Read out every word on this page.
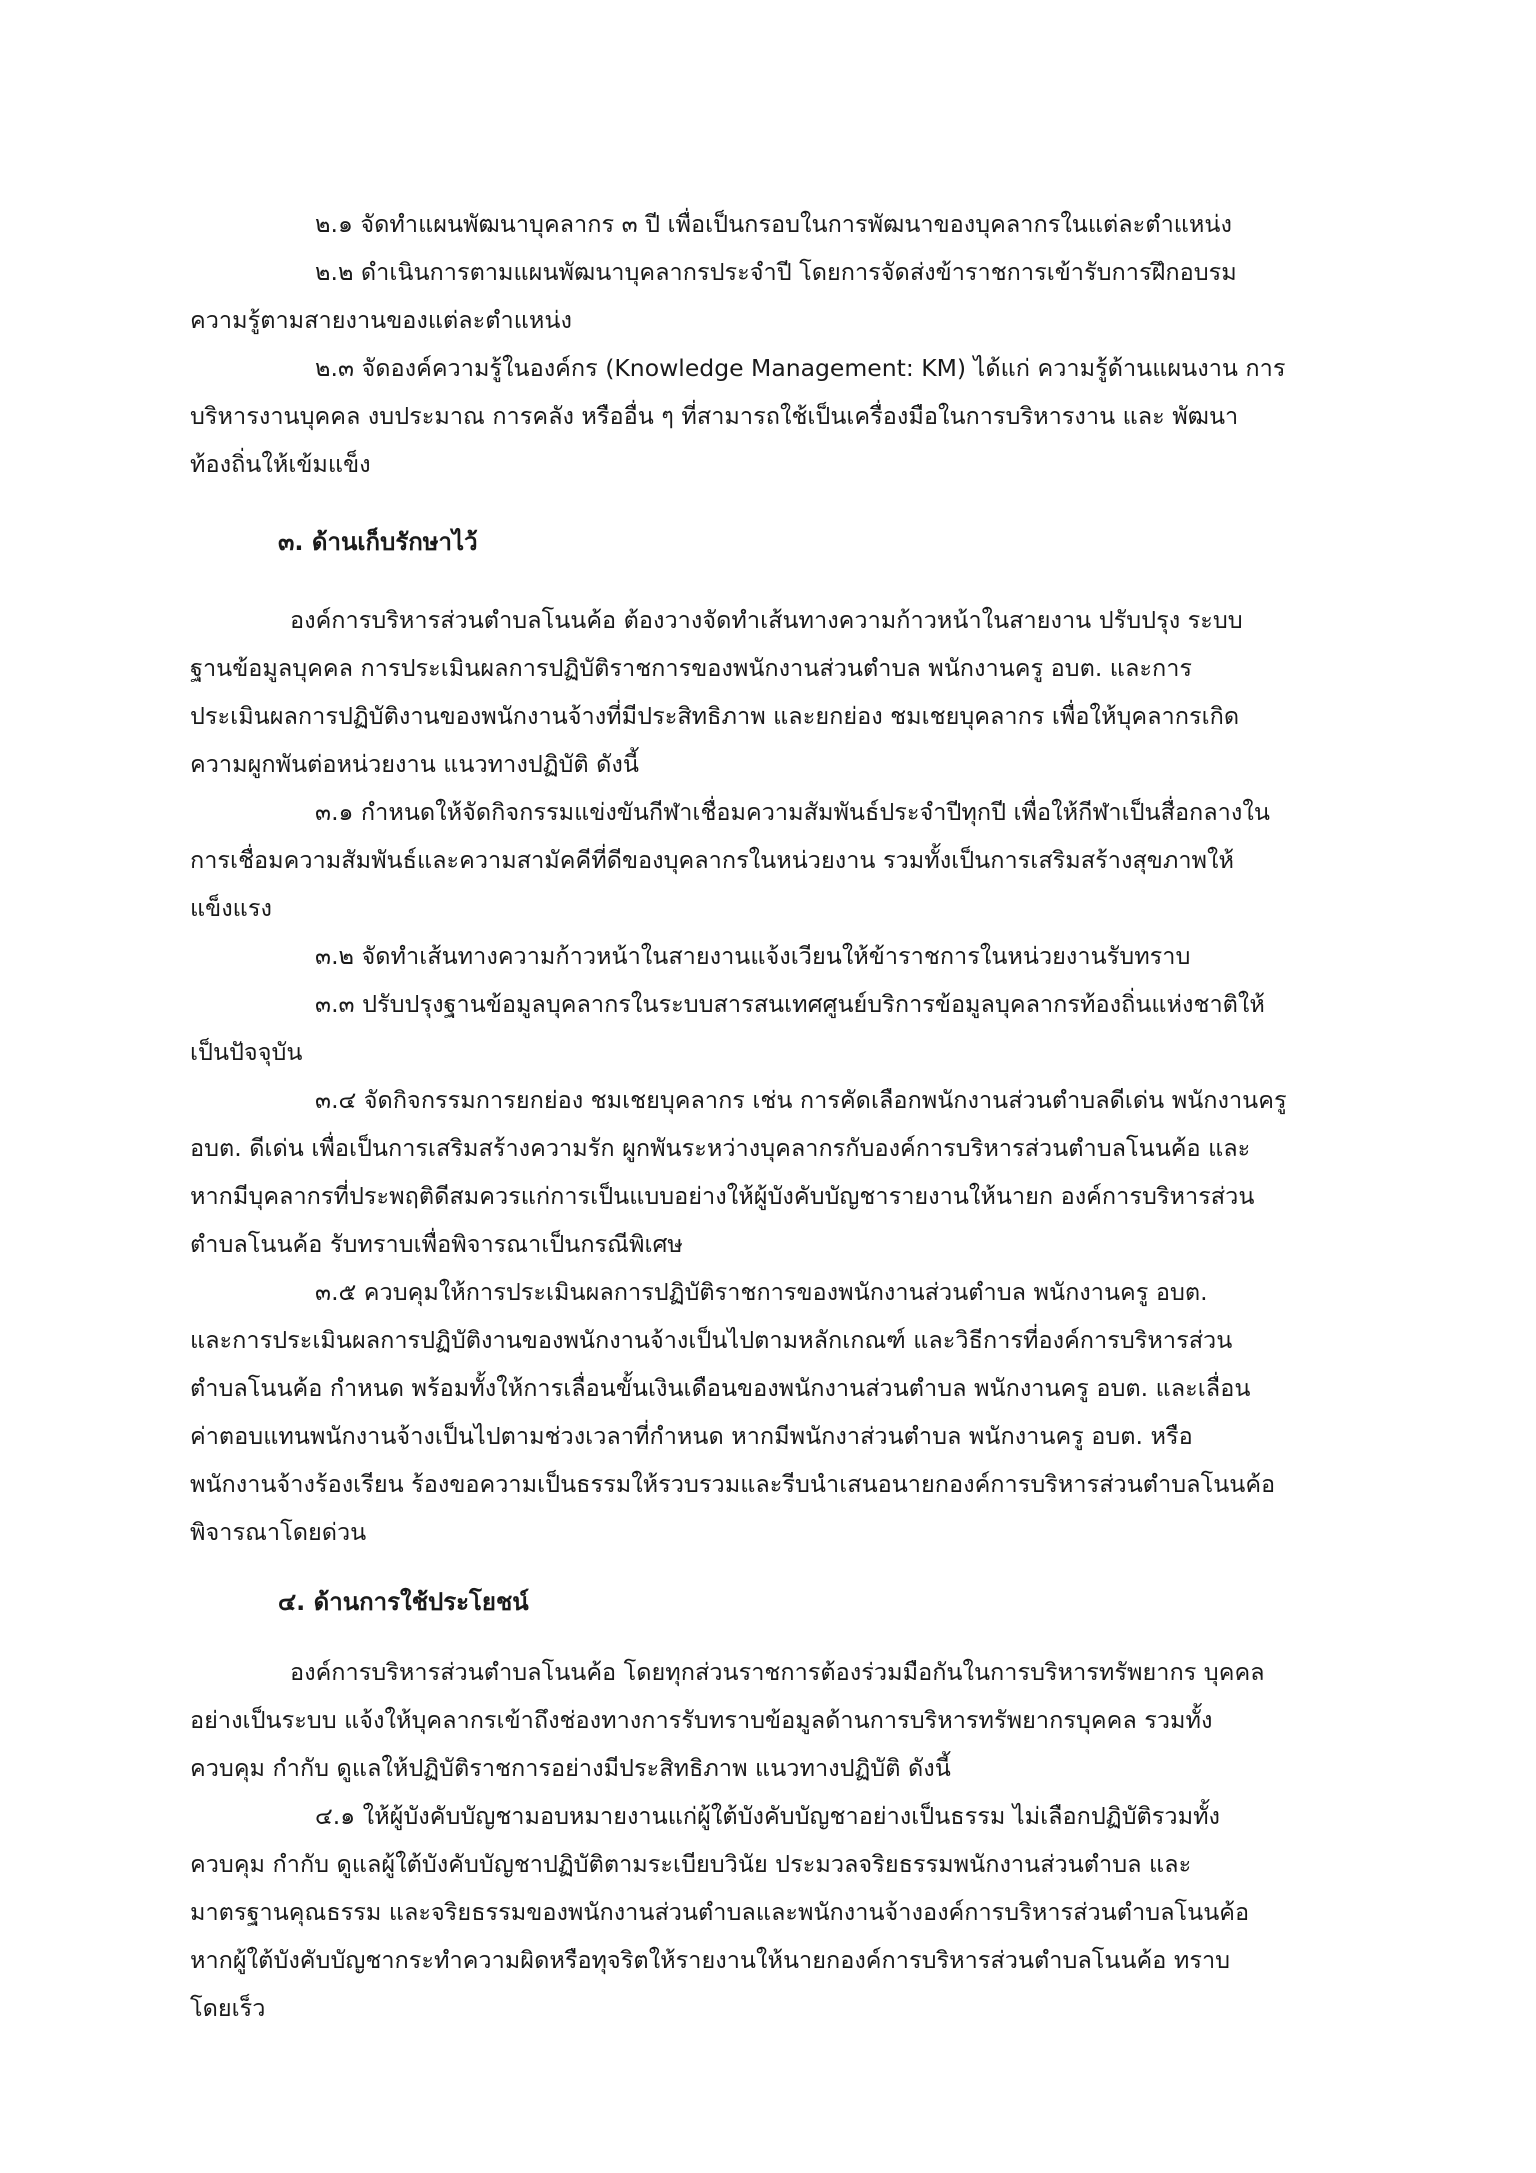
๒.๑ จัดทำแผนพัฒนาบุคลากร ๓ ปี เพื่อเป็นกรอบในการพัฒนาของบุคลากรในแต่ละตำแหน่ง
๒.๒ ดำเนินการตามแผนพัฒนาบุคลากรประจำปี โดยการจัดส่งข้าราชการเข้ารับการฝึกอบรม
ความรู้ตามสายงานของแต่ละตำแหน่ง
๒.๓ จัดองค์ความรู้ในองค์กร (Knowledge Management: KM) ได้แก่ ความรู้ด้านแผนงาน การ
บริหารงานบุคคล งบประมาณ การคลัง หรืออื่น ๆ ที่สามารถใช้เป็นเครื่องมือในการบริหารงาน และ พัฒนา
ท้องถิ่นให้เข้มแข็ง
๓. ด้านเก็บรักษาไว้
องค์การบริหารส่วนตำบลโนนค้อ ต้องวางจัดทำเส้นทางความก้าวหน้าในสายงาน ปรับปรุง ระบบ
ฐานข้อมูลบุคคล การประเมินผลการปฏิบัติราชการของพนักงานส่วนตำบล พนักงานครู อบต. และการ
ประเมินผลการปฏิบัติงานของพนักงานจ้างที่มีประสิทธิภาพ และยกย่อง ชมเชยบุคลากร เพื่อให้บุคลากรเกิด
ความผูกพันต่อหน่วยงาน แนวทางปฏิบัติ ดังนี้
๓.๑ กำหนดให้จัดกิจกรรมแข่งขันกีฬาเชื่อมความสัมพันธ์ประจำปีทุกปี เพื่อให้กีฬาเป็นสื่อกลางใน
การเชื่อมความสัมพันธ์และความสามัคคีที่ดีของบุคลากรในหน่วยงาน รวมทั้งเป็นการเสริมสร้างสุขภาพให้
แข็งแรง
๓.๒ จัดทำเส้นทางความก้าวหน้าในสายงานแจ้งเวียนให้ข้าราชการในหน่วยงานรับทราบ
๓.๓ ปรับปรุงฐานข้อมูลบุคลากรในระบบสารสนเทศศูนย์บริการข้อมูลบุคลากรท้องถิ่นแห่งชาติให้
เป็นปัจจุบัน
๓.๔ จัดกิจกรรมการยกย่อง ชมเชยบุคลากร เช่น การคัดเลือกพนักงานส่วนตำบลดีเด่น พนักงานครู
อบต. ดีเด่น เพื่อเป็นการเสริมสร้างความรัก ผูกพันระหว่างบุคลากรกับองค์การบริหารส่วนตำบลโนนค้อ และ
หากมีบุคลากรที่ประพฤติดีสมควรแก่การเป็นแบบอย่างให้ผู้บังคับบัญชารายงานให้นายก องค์การบริหารส่วน
ตำบลโนนค้อ รับทราบเพื่อพิจารณาเป็นกรณีพิเศษ
๓.๕ ควบคุมให้การประเมินผลการปฏิบัติราชการของพนักงานส่วนตำบล พนักงานครู อบต.
และการประเมินผลการปฏิบัติงานของพนักงานจ้างเป็นไปตามหลักเกณฑ์ และวิธีการที่องค์การบริหารส่วน
ตำบลโนนค้อ กำหนด พร้อมทั้งให้การเลื่อนขั้นเงินเดือนของพนักงานส่วนตำบล พนักงานครู อบต. และเลื่อน
ค่าตอบแทนพนักงานจ้างเป็นไปตามช่วงเวลาที่กำหนด หากมีพนักงาส่วนตำบล พนักงานครู อบต. หรือ
พนักงานจ้างร้องเรียน ร้องขอความเป็นธรรมให้รวบรวมและรีบนำเสนอนายกองค์การบริหารส่วนตำบลโนนค้อ
พิจารณาโดยด่วน
๔. ด้านการใช้ประโยชน์
องค์การบริหารส่วนตำบลโนนค้อ โดยทุกส่วนราชการต้องร่วมมือกันในการบริหารทรัพยากร บุคคล
อย่างเป็นระบบ แจ้งให้บุคลากรเข้าถึงช่องทางการรับทราบข้อมูลด้านการบริหารทรัพยากรบุคคล รวมทั้ง
ควบคุม กำกับ ดูแลให้ปฏิบัติราชการอย่างมีประสิทธิภาพ แนวทางปฏิบัติ ดังนี้
๔.๑ ให้ผู้บังคับบัญชามอบหมายงานแก่ผู้ใต้บังคับบัญชาอย่างเป็นธรรม ไม่เลือกปฏิบัติรวมทั้ง
ควบคุม กำกับ ดูแลผู้ใต้บังคับบัญชาปฏิบัติตามระเบียบวินัย ประมวลจริยธรรมพนักงานส่วนตำบล และ
มาตรฐานคุณธรรม และจริยธรรมของพนักงานส่วนตำบลและพนักงานจ้างองค์การบริหารส่วนตำบลโนนค้อ
หากผู้ใต้บังคับบัญชากระทำความผิดหรือทุจริตให้รายงานให้นายกองค์การบริหารส่วนตำบลโนนค้อ ทราบ
โดยเร็ว
